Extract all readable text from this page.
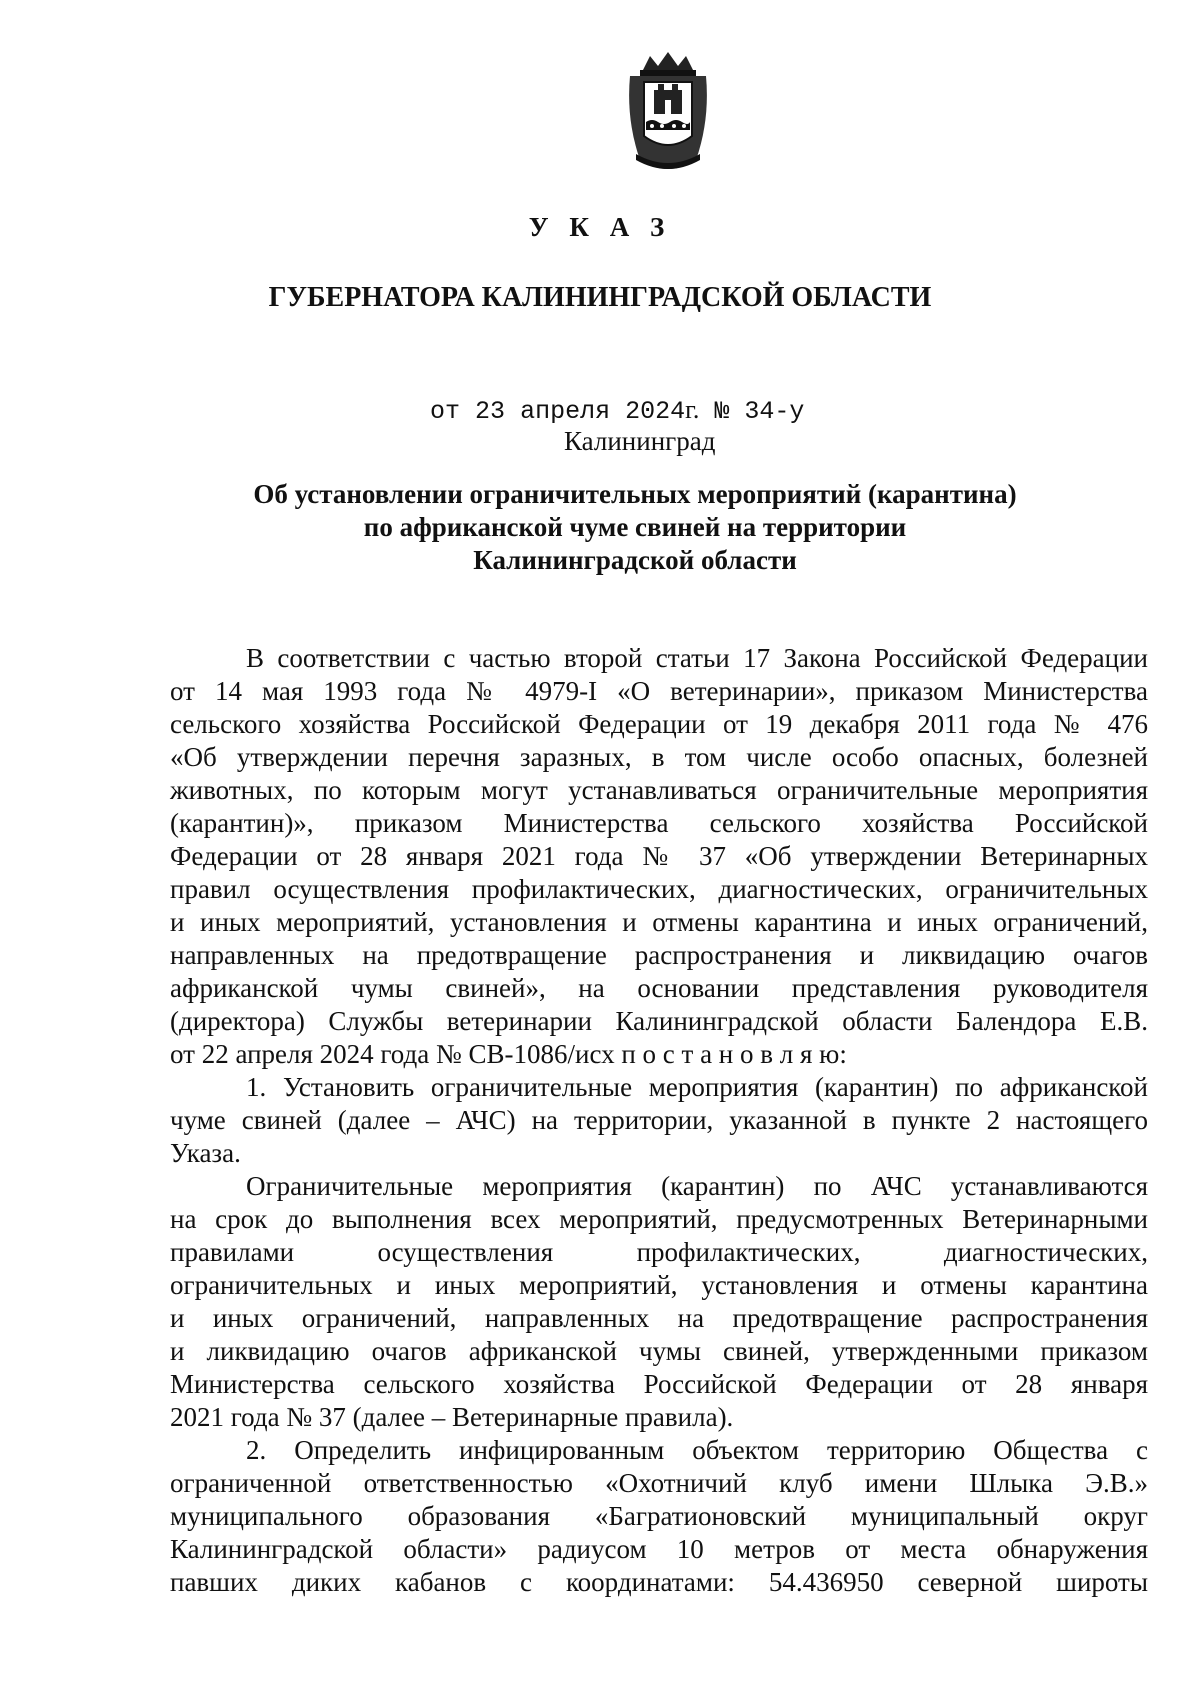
У К А З
ГУБЕРНАТОРА КАЛИНИНГРАДСКОЙ ОБЛАСТИ
от 23 апреля 2024г. № 34-у
Калининград
Об установлении ограничительных мероприятий (карантина)
по африканской чуме свиней на территории
Калининградской области
В соответствии с частью второй статьи 17 Закона Российской Федерации
от 14 мая 1993 года № 4979-I «О ветеринарии», приказом Министерства
сельского хозяйства Российской Федерации от 19 декабря 2011 года № 476
«Об утверждении перечня заразных, в том числе особо опасных, болезней
животных, по которым могут устанавливаться ограничительные мероприятия
(карантин)», приказом Министерства сельского хозяйства Российской
Федерации от 28 января 2021 года № 37 «Об утверждении Ветеринарных
правил осуществления профилактических, диагностических, ограничительных
и иных мероприятий, установления и отмены карантина и иных ограничений,
направленных на предотвращение распространения и ликвидацию очагов
африканской чумы свиней», на основании представления руководителя
(директора) Службы ветеринарии Калининградской области Балендора Е.В.
от 22 апреля 2024 года № СВ-1086/исх п о с т а н о в л я ю:
1. Установить ограничительные мероприятия (карантин) по африканской
чуме свиней (далее – АЧС) на территории, указанной в пункте 2 настоящего
Указа.
Ограничительные мероприятия (карантин) по АЧС устанавливаются
на срок до выполнения всех мероприятий, предусмотренных Ветеринарными
правилами осуществления профилактических, диагностических,
ограничительных и иных мероприятий, установления и отмены карантина
и иных ограничений, направленных на предотвращение распространения
и ликвидацию очагов африканской чумы свиней, утвержденными приказом
Министерства сельского хозяйства Российской Федерации от 28 января
2021 года № 37 (далее – Ветеринарные правила).
2. Определить инфицированным объектом территорию Общества с
ограниченной ответственностью «Охотничий клуб имени Шлыка Э.В.»
муниципального образования «Багратионовский муниципальный округ
Калининградской области» радиусом 10 метров от места обнаружения
павших диких кабанов с координатами: 54.436950 северной широты
